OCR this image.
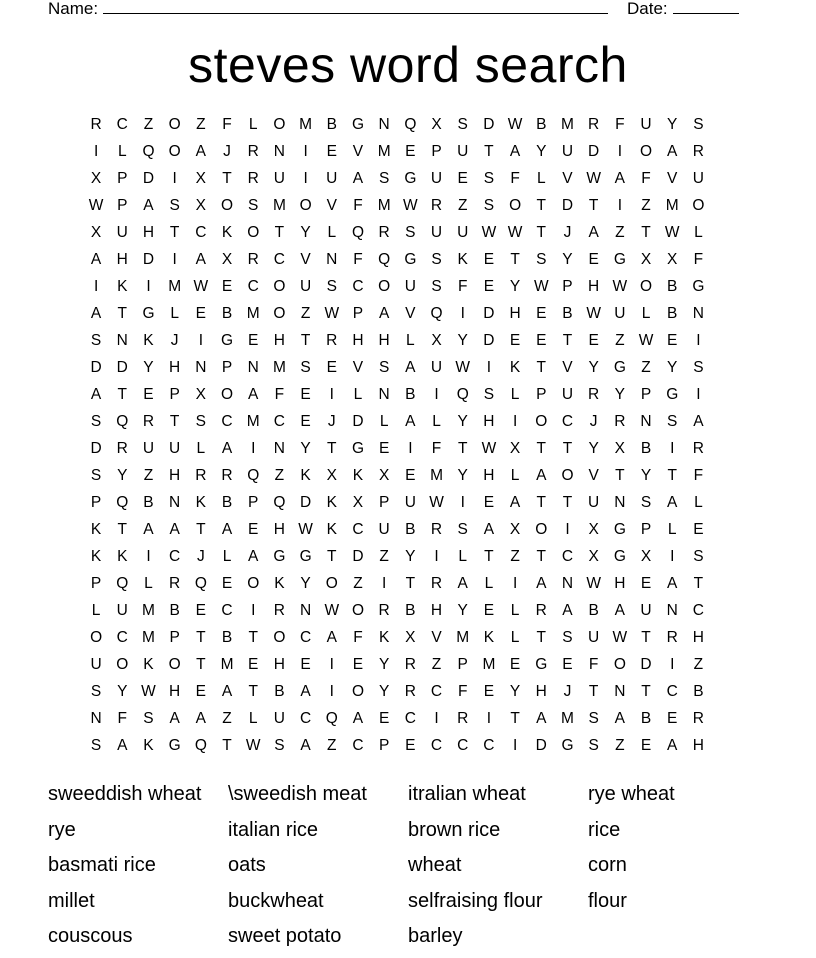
Name:	Date:
steves word search
R C	Z O Z	F	L	O M B G N Q X	S D W B M R	F	U Y	S
I	L	Q O A	J	R N	I	E	V M E	P U	T	A	Y U D	I	O A R
X	P D	I	X	T	R U	I	U A	S G U E	S	F	L	V W A	F	V U
W P	A	S	X O S M O V	F M W R	Z	S O T	D	T	I	Z M O
X U H	T	C K O T	Y	L	Q R S U U W W T	J	A	Z	T W L
A H D	I	A	X R C V N	F Q G S	K	E	T	S	Y	E G X	X	F
I	K	I	M W E C O U S C O U S	F	E	Y W P H W O B G
A	T G	L	E	B M O Z W P	A	V Q	I	D H E	B W U	L	B N
S N K	J	I	G E H	T	R H H	L	X	Y D E	E	T	E	Z W E	I
D D Y H N P N M S	E	V	S	A U W	I	K	T	V	Y G Z	Y	S
A	T	E	P	X O A	F	E	I	L	N B	I	Q S	L	P U R Y	P G	I
S Q R	T	S C M C E	J	D	L	A	L	Y H	I	O C	J	R N S	A
D R U U	L	A	I	N Y	T G E	I	F	T W X	T	T	Y	X	B	I	R
S	Y	Z	H R R Q Z	K	X	K	X	E M Y H	L	A O V	T	Y	T	F
P Q B N K	B	P Q D K	X	P U W	I	E	A	T	T	U N S	A	L
K	T	A	A	T	A	E H W K C U B R S	A	X O	I	X G P	L	E
K	K	I	C	J	L	A G G T	D	Z	Y	I	L	T	Z	T	C X G X	I	S
P Q	L	R Q E O K	Y O Z	I	T	R A	L	I	A N W H E	A	T
L	U M B	E C	I	R N W O R B H Y	E	L	R A	B	A U N C
O C M P	T	B	T O C A	F	K	X	V M K	L	T	S U W T	R H
U O K O T M E H E	I	E	Y R	Z	P M E G E	F O D	I	Z
S	Y W H E	A	T	B	A	I	O Y R C	F	E	Y H	J	T	N	T	C B
N	F	S	A	A	Z	L	U C Q A	E C	I	R	I	T	A M S	A	B	E R
S	A	K G Q T W S	A	Z	C P	E C C C	I	D G S	Z	E	A H
sweeddish wheat	\sweedish meat	itralian wheat	rye wheat
rye	italian rice	brown rice	rice
basmati rice	oats	wheat	corn
millet	buckwheat	selfraising flour	flour
couscous	sweet potato	barley
